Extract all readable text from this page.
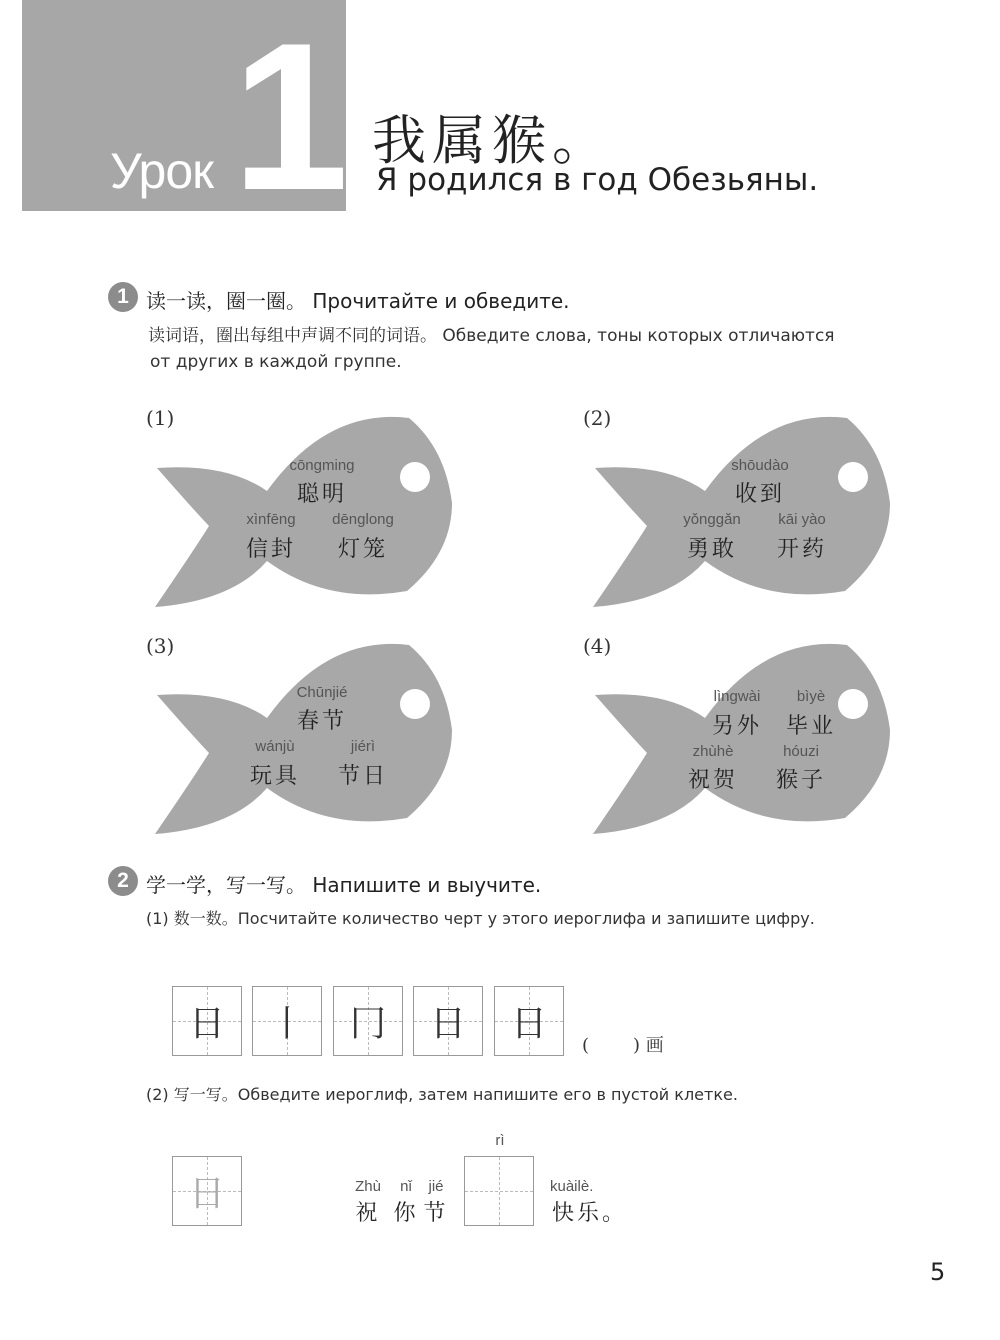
Урок 1 我属猴。
Я родился в год Обезьяны.
1 读一读，圈一圈。 Прочитайте и обведите.
读词语，圈出每组中声调不同的词语。 Обведите слова, тоны которых отличаются
от других в каждой группе.
(1)
cōngming
聪明
xìnfēng
信封
dēnglong
灯笼
(2)
shōudào
收到
yǒnggǎn
勇敢
kāi yào
开药
(3)
Chūnjié
春节
wánjù
玩具
jiérì
节日
(4)
lìngwài
另外
bìyè
毕业
zhùhè
祝贺
hóuzi
猴子
2 学一学，写一写。 Напишите и выучите.
(1) 数一数。Посчитайте количество черт у этого иероглифа и запишите цифру.
日	丨	冂	日	日
( ) 画
(2) 写一写。Обведите иероглиф, затем напишите его в пустой клетке.
日	Zhù
祝
nǐ
你
jié
节
rì
kuàilè.
快乐。
5
